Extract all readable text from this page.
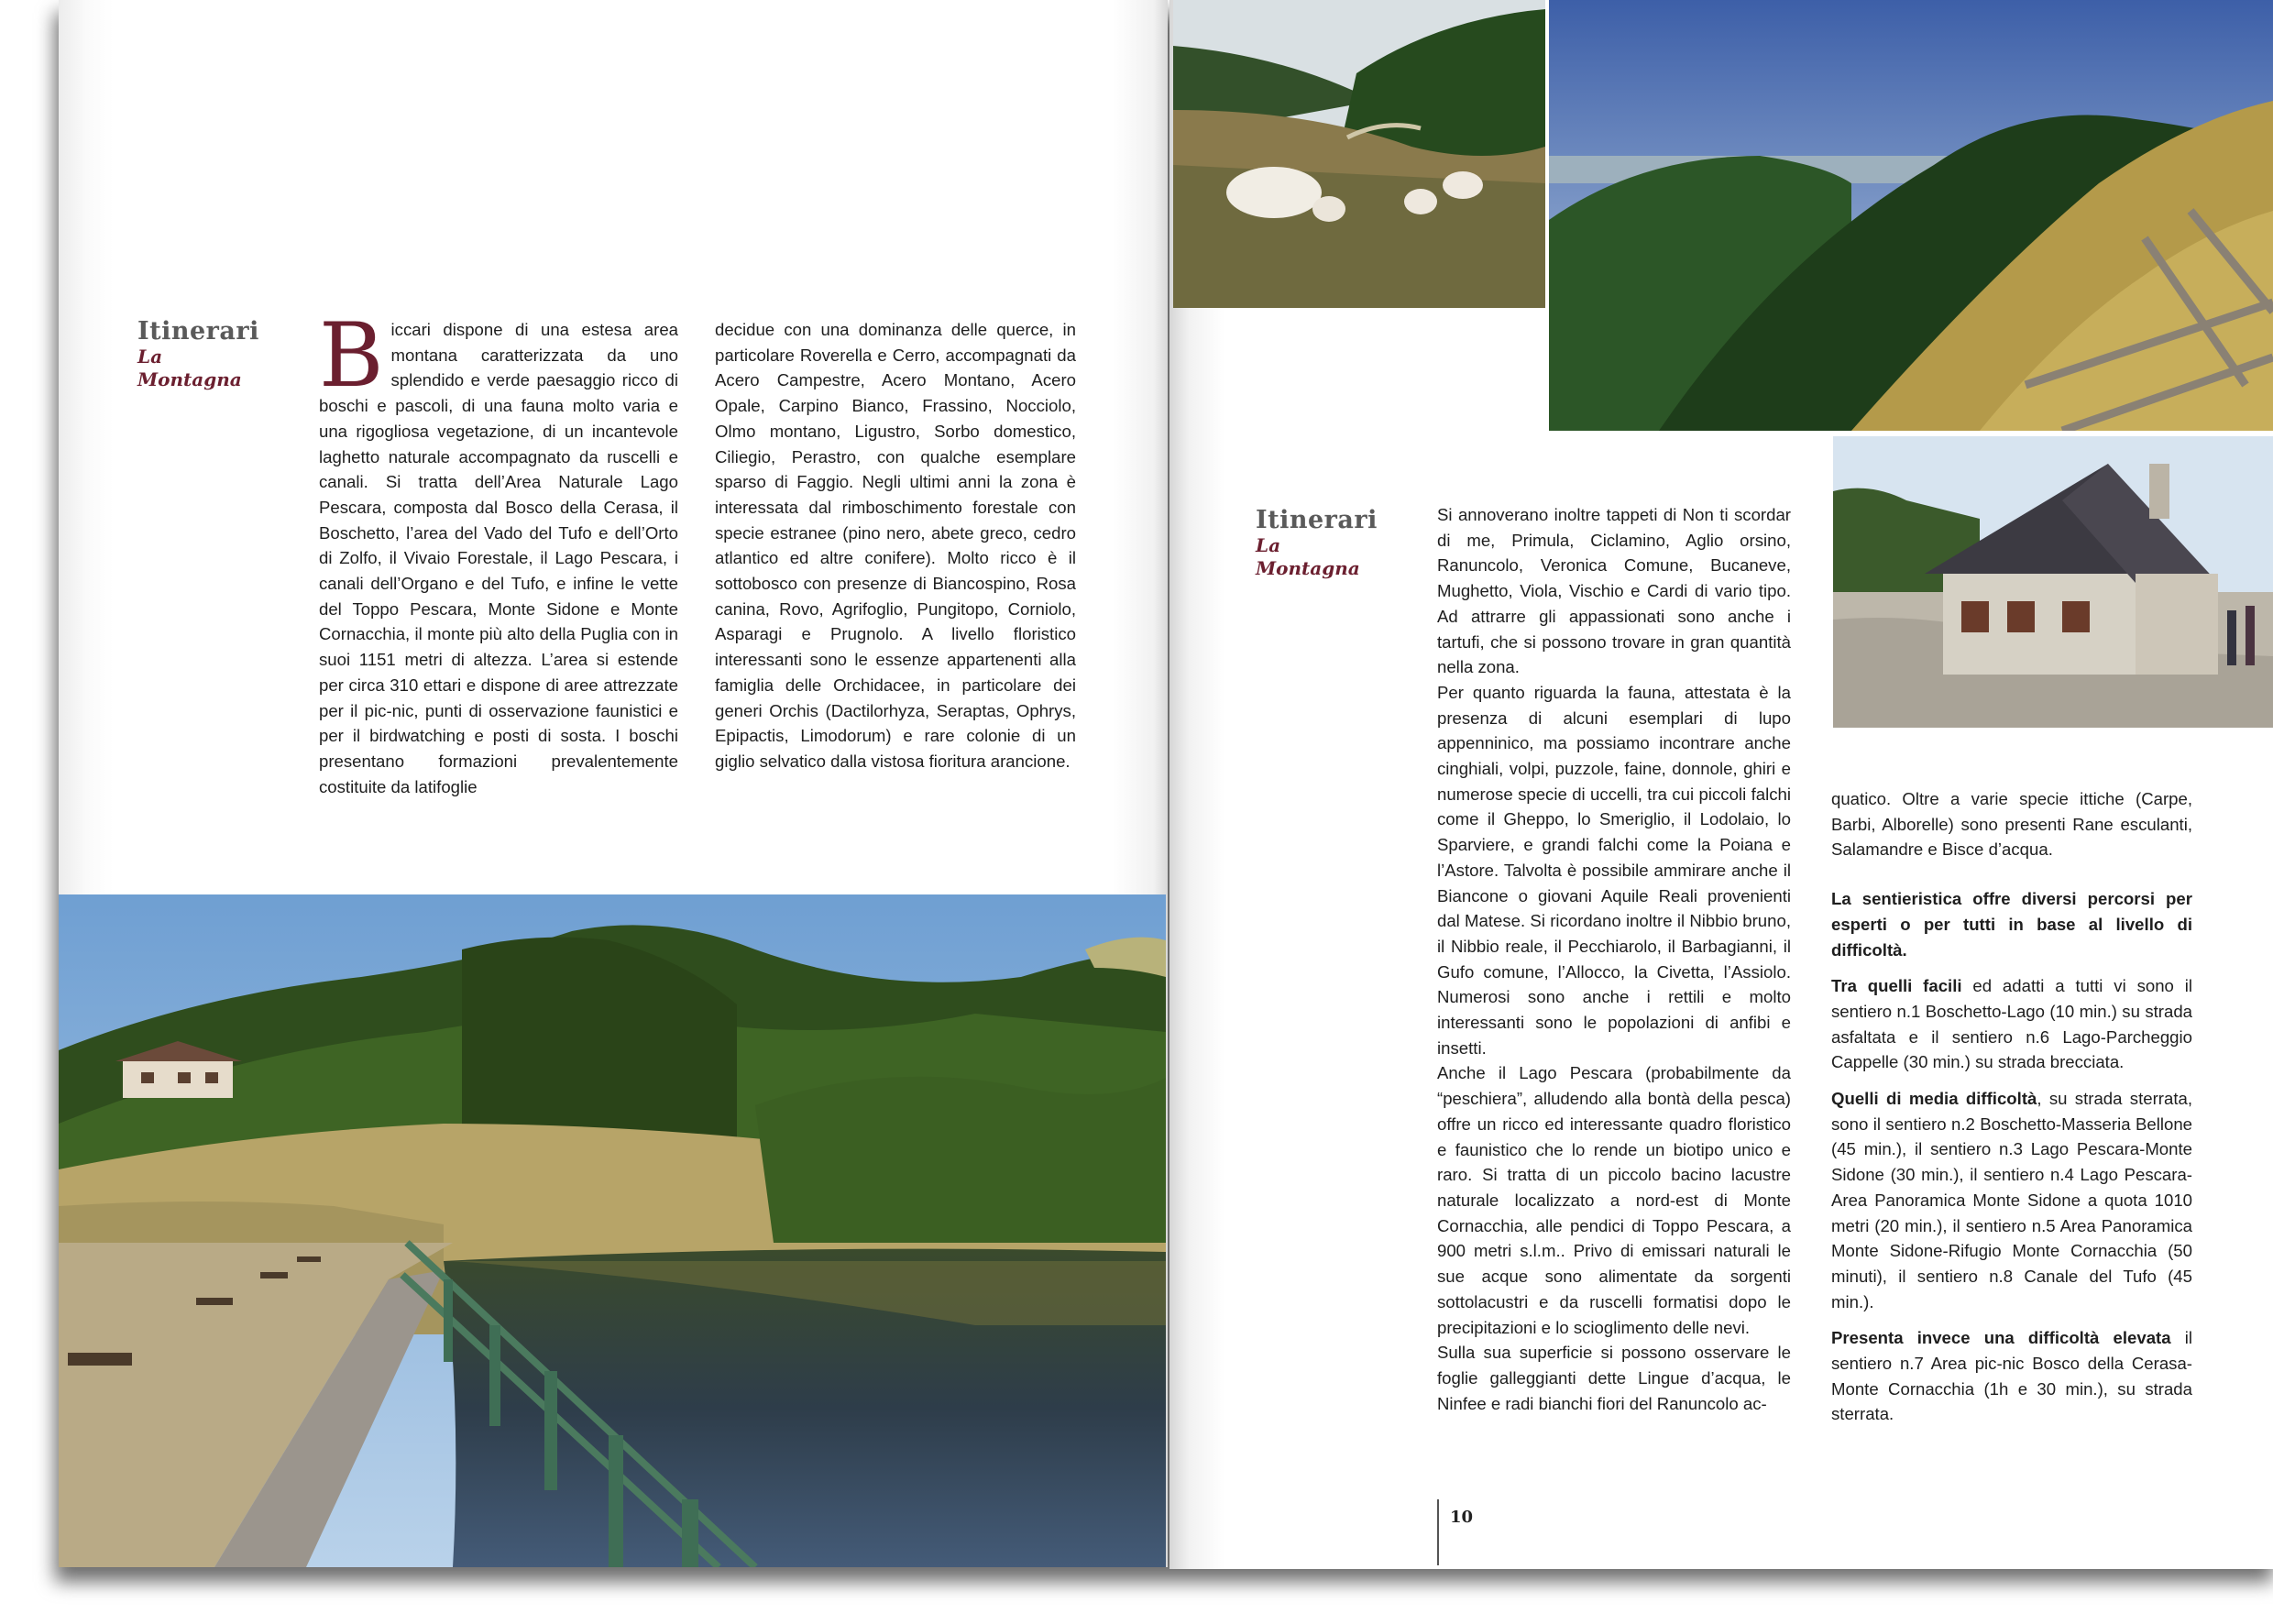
Itinerari
La
Montagna B iccari dispone di una estesa area montana caratterizzata da uno splendido e verde paesaggio ricco di boschi e pascoli, di una fauna molto varia e una rigogliosa vegetazione, di un incantevole laghetto naturale accompagnato da ruscelli e canali. Si tratta dell’Area Naturale Lago Pescara, composta dal Bosco della Cerasa, il Boschetto, l’area del Vado del Tufo e dell’Orto di Zolfo, il Vivaio Forestale, il Lago Pescara, i canali dell’Organo e del Tufo, e infine le vette del Toppo Pescara, Monte Sidone e Monte Cornacchia, il monte più alto della Puglia con in suoi 1151 metri di altezza. L’area si estende per circa 310 ettari e dispone di aree attrezzate per il pic-nic, punti di osservazione faunistici e per il birdwatching e posti di sosta. I boschi presentano formazioni prevalentemente costituite da latifoglie
decidue con una dominanza delle querce, in particolare Roverella e Cerro, accompagnati da Acero Campestre, Acero Montano, Acero Opale, Carpino Bianco, Frassino, Nocciolo, Olmo montano, Ligustro, Sorbo domestico, Ciliegio, Perastro, con qualche esemplare sparso di Faggio. Negli ultimi anni la zona è interessata dal rimboschimento forestale con specie estranee (pino nero, abete greco, cedro atlantico ed altre conifere). Molto ricco è il sottobosco con presenze di Biancospino, Rosa canina, Rovo, Agrifoglio, Pungitopo, Corniolo, Asparagi e Prugnolo. A livello floristico interessanti sono le essenze appartenenti alla famiglia delle Orchidacee, in particolare dei generi Orchis (Dactilorhyza, Seraptas, Ophrys, Epipactis, Limodorum) e rare colonie di un giglio selvatico dalla vistosa fioritura arancione.
Itinerari
La
Montagna

Si annoverano inoltre tappeti di Non ti scordar di me, Primula, Ciclamino, Aglio orsino, Ranuncolo, Veronica Comune, Bucaneve, Mughetto, Viola, Vischio e Cardi di vario tipo. Ad attrarre gli appassionati sono anche i tartufi, che si possono trovare in gran quantità nella zona.

Per quanto riguarda la fauna, attestata è la presenza di alcuni esemplari di lupo appenninico, ma possiamo incontrare anche cinghiali, volpi, puzzole, faine, donnole, ghiri e numerose specie di uccelli, tra cui piccoli falchi come il Gheppo, lo Smeriglio, il Lodolaio, lo Sparviere, e grandi falchi come la Poiana e l’Astore. Talvolta è possibile ammirare anche il Biancone o giovani Aquile Reali provenienti dal Matese. Si ricordano inoltre il Nibbio bruno, il Nibbio reale, il Pecchiarolo, il Barbagianni, il Gufo comune, l’Allocco, la Civetta, l’Assiolo. Numerosi sono anche i rettili e molto interessanti sono le popolazioni di anfibi e insetti.

Anche il Lago Pescara (probabilmente da “peschiera”, alludendo alla bontà della pesca) offre un ricco ed interessante quadro floristico e faunistico che lo rende un biotipo unico e raro. Si tratta di un piccolo bacino lacustre naturale localizzato a nord-est di Monte Cornacchia, alle pendici di Toppo Pescara, a 900 metri s.l.m.. Privo di emissari naturali le sue acque sono alimentate da sorgenti sottolacustri e da ruscelli formatisi dopo le precipitazioni e lo scioglimento delle nevi.

Sulla sua superficie si possono osservare le foglie galleggianti dette Lingue d’acqua, le Ninfee e radi bianchi fiori del Ranuncolo ac-

quatico. Oltre a varie specie ittiche (Carpe, Barbi, Alborelle) sono presenti Rane esculanti, Salamandre e Bisce d’acqua.

La sentieristica offre diversi percorsi per esperti o per tutti in base al livello di difficoltà.

Tra quelli facili ed adatti a tutti vi sono il sentiero n.1 Boschetto-Lago (10 min.) su strada asfaltata e il sentiero n.6 Lago-Parcheggio Cappelle (30 min.) su strada brecciata.

Quelli di media difficoltà, su strada sterrata, sono il sentiero n.2 Boschetto-Masseria Bellone (45 min.), il sentiero n.3 Lago Pescara-Monte Sidone (30 min.), il sentiero n.4 Lago Pescara-Area Panoramica Monte Sidone a quota 1010 metri (20 min.), il sentiero n.5 Area Panoramica Monte Sidone-Rifugio Monte Cornacchia (50 minuti), il sentiero n.8 Canale del Tufo (45 min.).

Presenta invece una difficoltà elevata il sentiero n.7 Area pic-nic Bosco della Cerasa-Monte Cornacchia (1h e 30 min.), su strada sterrata.

10
